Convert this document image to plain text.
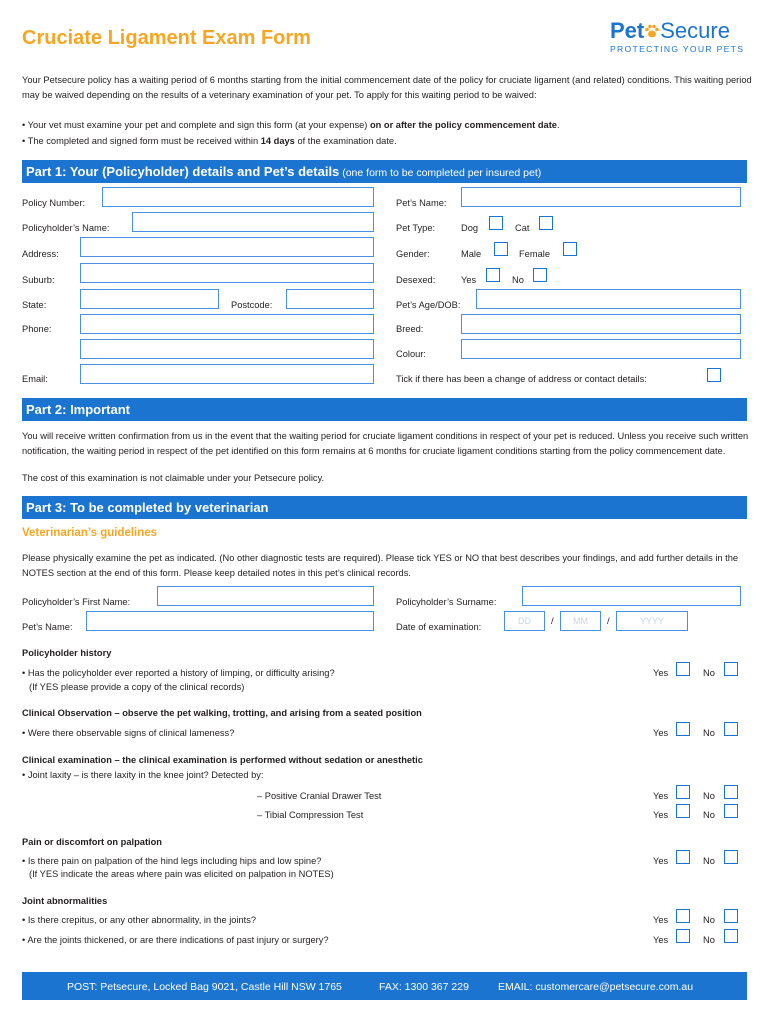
Cruciate Ligament Exam Form	Pet Secure
PROTECTING YOUR PETS
Your Petsecure policy has a waiting period of 6 months starting from the initial commencement date of the policy for cruciate ligament (and related) conditions. This waiting period may be waived depending on the results of a veterinary examination of your pet. To apply for this waiting period to be waived:
• Your vet must examine your pet and complete and sign this form (at your expense) on or after the policy commencement date.
• The completed and signed form must be received within 14 days of the examination date.
Part 1: Your (Policyholder) details and Pet’s details (one form to be completed per insured pet)
Policy Number:
Policyholder’s Name:
Address:
Suburb:
State:	Postcode:
Phone:
Email:
Pet’s Name:
Pet Type:	Dog	Cat
Gender:	Male	Female
Desexed:	Yes	No
Pet’s Age/DOB:
Breed:
Colour:
Tick if there has been a change of address or contact details:
Part 2: Important
You will receive written confirmation from us in the event that the waiting period for cruciate ligament conditions in respect of your pet is reduced. Unless you receive such written notification, the waiting period in respect of the pet identified on this form remains at 6 months for cruciate ligament conditions starting from the policy commencement date.
The cost of this examination is not claimable under your Petsecure policy.
Part 3: To be completed by veterinarian
Veterinarian’s guidelines
Please physically examine the pet as indicated. (No other diagnostic tests are required). Please tick YES or NO that best describes your findings, and add further details in the NOTES section at the end of this form. Please keep detailed notes in this pet’s clinical records.
Policyholder’s First Name:	Policyholder’s Surname:
Pet’s Name:	Date of examination:
DD	/	MM	/	YYYY
Policyholder history
• Has the policyholder ever reported a history of limping, or difficulty arising?
(If YES please provide a copy of the clinical records)
Yes	No
Clinical Observation – observe the pet walking, trotting, and arising from a seated position
• Were there observable signs of clinical lameness?	Yes	No
Clinical examination – the clinical examination is performed without sedation or anesthetic
• Joint laxity – is there laxity in the knee joint? Detected by:
– Positive Cranial Drawer Test	Yes	No
– Tibial Compression Test	Yes	No
Pain or discomfort on palpation
• Is there pain on palpation of the hind legs including hips and low spine?
(If YES indicate the areas where pain was elicited on palpation in NOTES)
Yes	No
Joint abnormalities
• Is there crepitus, or any other abnormality, in the joints?	Yes	No
• Are the joints thickened, or are there indications of past injury or surgery?	Yes	No
POST: Petsecure, Locked Bag 9021, Castle Hill NSW 1765	FAX: 1300 367 229	EMAIL: customercare@petsecure.com.au
